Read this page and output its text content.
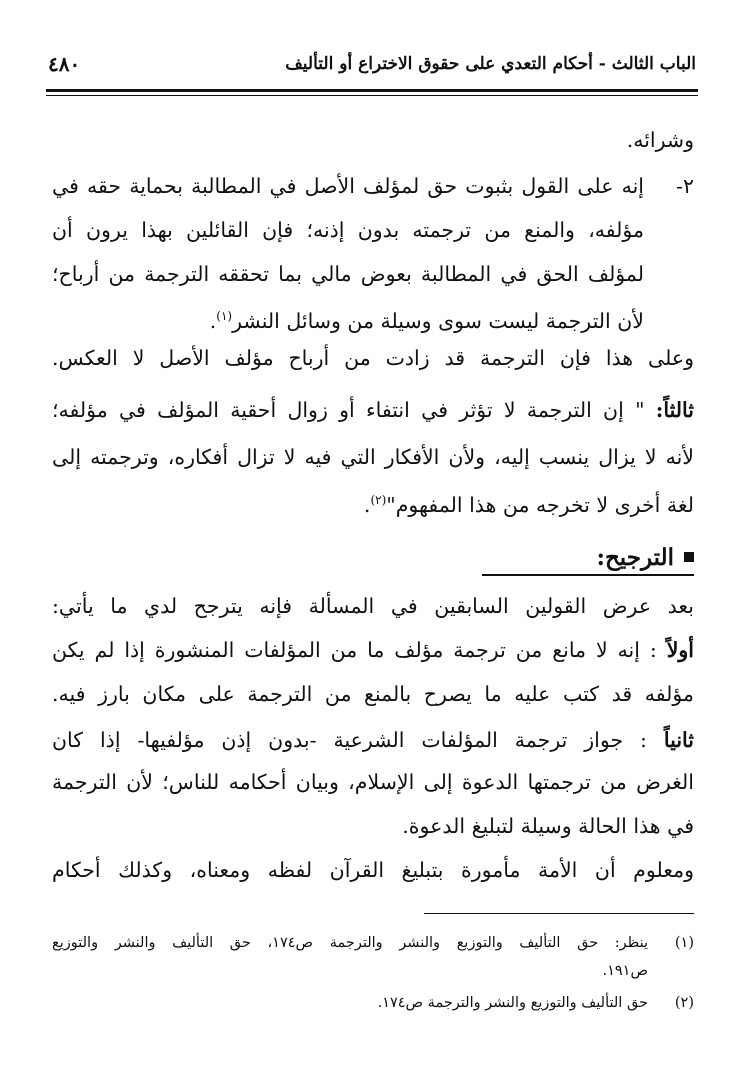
الباب الثالث - أحكام التعدي على حقوق الاختراع أو التأليف
٤٨٠
وشرائه.
٢-
إنه على القول بثبوت حق لمؤلف الأصل في المطالبة بحماية حقه في
مؤلفه، والمنع من ترجمته بدون إذنه؛ فإن القائلين بهذا يرون أن
لمؤلف الحق في المطالبة بعوض مالي بما تحققه الترجمة من أرباح؛
لأن الترجمة ليست سوى وسيلة من وسائل النشر$^{(١)}$.
وعلى هذا فإن الترجمة قد زادت من أرباح مؤلف الأصل لا العكس.
ثالثاً: " إن الترجمة لا تؤثر في انتفاء أو زوال أحقية المؤلف في مؤلفه؛
لأنه لا يزال ينسب إليه، ولأن الأفكار التي فيه لا تزال أفكاره، وترجمته إلى
لغة أخرى لا تخرجه من هذا المفهوم"$^{(٢)}$.
الترجيح:
بعد عرض القولين السابقين في المسألة فإنه يترجح لدي ما يأتي:
أولاً : إنه لا مانع من ترجمة مؤلف ما من المؤلفات المنشورة إذا لم يكن
مؤلفه قد كتب عليه ما يصرح بالمنع من الترجمة على مكان بارز فيه.
ثانياً : جواز ترجمة المؤلفات الشرعية -بدون إذن مؤلفيها- إذا كان
الغرض من ترجمتها الدعوة إلى الإسلام، وبيان أحكامه للناس؛ لأن الترجمة
في هذا الحالة وسيلة لتبليغ الدعوة.
ومعلوم أن الأمة مأمورة بتبليغ القرآن لفظه ومعناه، وكذلك أحكام
(١)
ينظر: حق التأليف والتوزيع والنشر والترجمة ص١٧٤، حق التأليف والنشر والتوزيع
ص١٩١.
(٢)
حق التأليف والتوزيع والنشر والترجمة ص١٧٤.
